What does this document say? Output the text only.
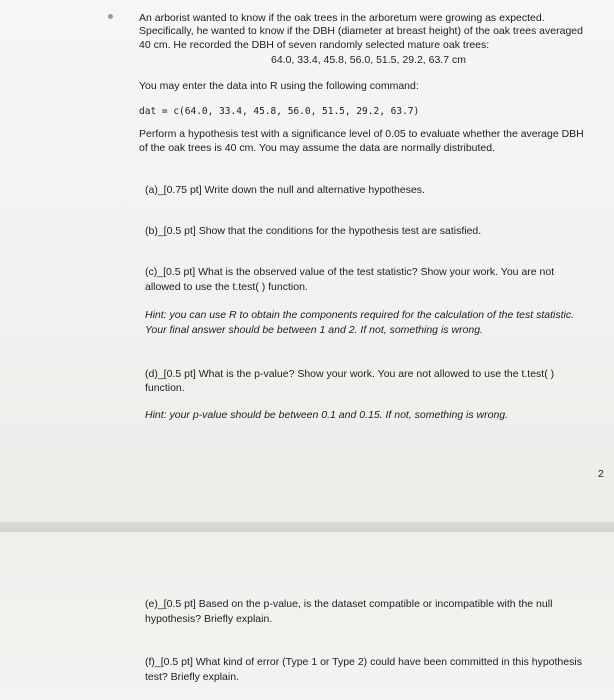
An arborist wanted to know if the oak trees in the arboretum were growing as expected.
Specifically, he wanted to know if the DBH (diameter at breast height) of the oak trees averaged
40 cm. He recorded the DBH of seven randomly selected mature oak trees:
64.0, 33.4, 45.8, 56.0, 51.5, 29.2, 63.7 cm
You may enter the data into R using the following command:
dat = c(64.0, 33.4, 45.8, 56.0, 51.5, 29.2, 63.7)
Perform a hypothesis test with a significance level of 0.05 to evaluate whether the average DBH
of the oak trees is 40 cm. You may assume the data are normally distributed.
(a)_[0.75 pt] Write down the null and alternative hypotheses.
(b)_[0.5 pt] Show that the conditions for the hypothesis test are satisfied.
(c)_[0.5 pt] What is the observed value of the test statistic? Show your work. You are not
allowed to use the t.test( ) function.
Hint: you can use R to obtain the components required for the calculation of the test statistic.
Your final answer should be between 1 and 2. If not, something is wrong.
(d)_[0.5 pt] What is the p-value? Show your work. You are not allowed to use the t.test( )
function.
Hint: your p-value should be between 0.1 and 0.15. If not, something is wrong.
2
(e)_[0.5 pt] Based on the p-value, is the dataset compatible or incompatible with the null
hypothesis? Briefly explain.
(f)_[0.5 pt] What kind of error (Type 1 or Type 2) could have been committed in this hypothesis
test? Briefly explain.
